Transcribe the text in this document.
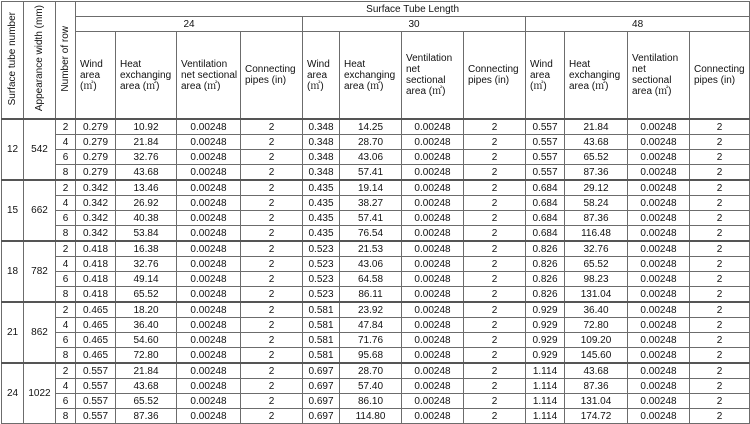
Surface tube number	Appearance width (mm)	Number of row	Surface Tube Length											
			24				30				48			
			Wind area (㎡)	Heat exchanging area (㎡)	Ventilation net sectional area (㎡)	Connecting pipes (in)	Wind area (㎡)	Heat exchanging area (㎡)	Ventilation net sectional area (㎡)	Connecting pipes (in)	Wind area (㎡)	Heat exchanging area (㎡)	Ventilation net sectional area (㎡)	Connecting pipes (in)
12	542	2	0.279	10.92	0.00248	2	0.348	14.25	0.00248	2	0.557	21.84	0.00248	2
		4	0.279	21.84	0.00248	2	0.348	28.70	0.00248	2	0.557	43.68	0.00248	2
		6	0.279	32.76	0.00248	2	0.348	43.06	0.00248	2	0.557	65.52	0.00248	2
		8	0.279	43.68	0.00248	2	0.348	57.41	0.00248	2	0.557	87.36	0.00248	2
15	662	2	0.342	13.46	0.00248	2	0.435	19.14	0.00248	2	0.684	29.12	0.00248	2
		4	0.342	26.92	0.00248	2	0.435	38.27	0.00248	2	0.684	58.24	0.00248	2
		6	0.342	40.38	0.00248	2	0.435	57.41	0.00248	2	0.684	87.36	0.00248	2
		8	0.342	53.84	0.00248	2	0.435	76.54	0.00248	2	0.684	116.48	0.00248	2
18	782	2	0.418	16.38	0.00248	2	0.523	21.53	0.00248	2	0.826	32.76	0.00248	2
		4	0.418	32.76	0.00248	2	0.523	43.06	0.00248	2	0.826	65.52	0.00248	2
		6	0.418	49.14	0.00248	2	0.523	64.58	0.00248	2	0.826	98.23	0.00248	2
		8	0.418	65.52	0.00248	2	0.523	86.11	0.00248	2	0.826	131.04	0.00248	2
21	862	2	0.465	18.20	0.00248	2	0.581	23.92	0.00248	2	0.929	36.40	0.00248	2
		4	0.465	36.40	0.00248	2	0.581	47.84	0.00248	2	0.929	72.80	0.00248	2
		6	0.465	54.60	0.00248	2	0.581	71.76	0.00248	2	0.929	109.20	0.00248	2
		8	0.465	72.80	0.00248	2	0.581	95.68	0.00248	2	0.929	145.60	0.00248	2
24	1022	2	0.557	21.84	0.00248	2	0.697	28.70	0.00248	2	1.114	43.68	0.00248	2
		4	0.557	43.68	0.00248	2	0.697	57.40	0.00248	2	1.114	87.36	0.00248	2
		6	0.557	65.52	0.00248	2	0.697	86.10	0.00248	2	1.114	131.04	0.00248	2
		8	0.557	87.36	0.00248	2	0.697	114.80	0.00248	2	1.114	174.72	0.00248	2
